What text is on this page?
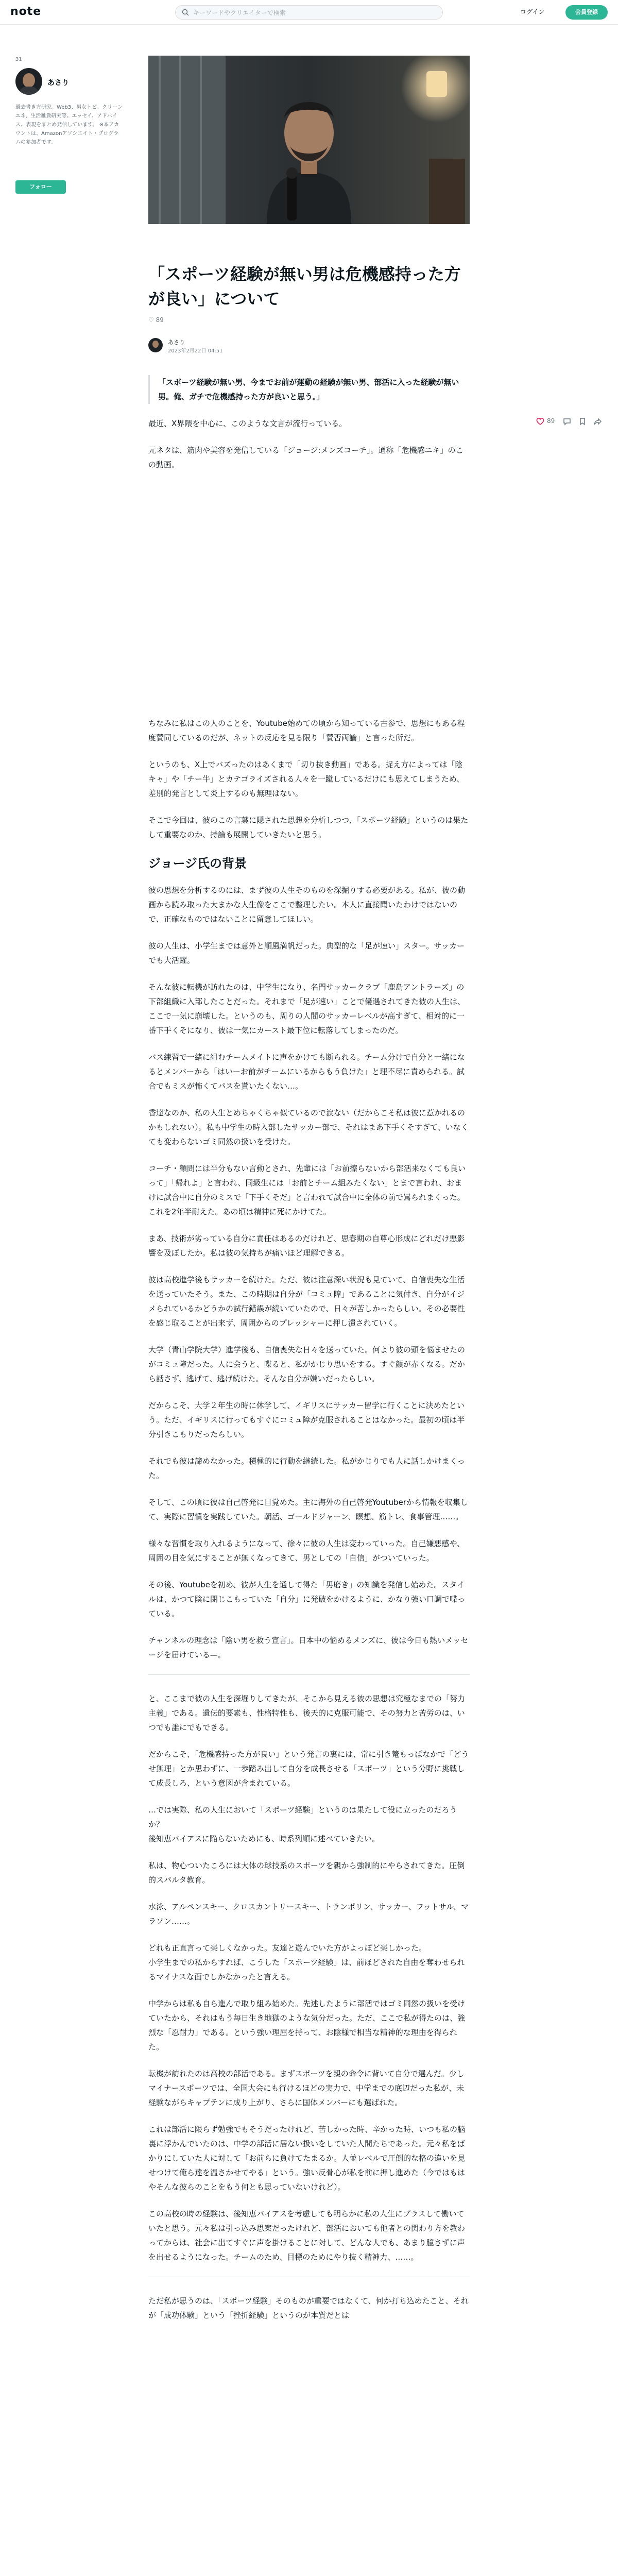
note
キーワードやクリエイターで検索	ログイン	会員登録
31
あさり
過去書き方研究。Web3、男女トピ、クリーンエネ、生活雑貨研究等。エッセイ、アドバイス、表現をまとめ発信しています。 ※本アカウントは、Amazonアソシエイト・プログラムの参加者です。
フォロー
「スポーツ経験が無い男は危機感持った方が良い」について
♡ 89
あさり
2023年2月22日 04:51

「スポーツ経験が無い男、今までお前が運動の経験が無い男、部活に入った経験が無い男。俺、ガチで危機感持った方が良いと思う。」

最近、X界隈を中心に、このような文言が流行っている。

元ネタは、筋肉や美容を発信している「ジョージ:メンズコーチ」。通称「危機感ニキ」のこの動画。

ちなみに私はこの人のことを、Youtube始めての頃から知っている古参で、思想にもある程度賛同しているのだが、ネットの反応を見る限り「賛否両論」と言った所だ。

というのも、X上でバズったのはあくまで「切り抜き動画」である。捉え方によっては「陰キャ」や「チー牛」とカテゴライズされる人々を一蹴しているだけにも思えてしまうため、差別的発言として炎上するのも無理はない。

そこで今回は、彼のこの言葉に隠された思想を分析しつつ、「スポーツ経験」というのは果たして重要なのか、持論も展開していきたいと思う。

ジョージ氏の背景

彼の思想を分析するのには、まず彼の人生そのものを深掘りする必要がある。私が、彼の動画から読み取った大まかな人生像をここで整理したい。本人に直接聞いたわけではないので、正確なものではないことに留意してほしい。

彼の人生は、小学生までは意外と順風満帆だった。典型的な「足が速い」スター。サッカーでも大活躍。

そんな彼に転機が訪れたのは、中学生になり、名門サッカークラブ「鹿島アントラーズ」の下部組織に入部したことだった。それまで「足が速い」ことで優遇されてきた彼の人生は、ここで一気に崩壊した。というのも、周りの人間のサッカーレベルが高すぎて、相対的に一番下手くそになり、彼は一気にカースト最下位に転落してしまったのだ。

バス練習で一緒に組むチームメイトに声をかけても断られる。チーム分けで自分と一緒になるとメンバーから「はいーお前がチームにいるからもう負けた」と理不尽に責められる。試合でもミスが怖くてパスを貰いたくない…。

香達なのか、私の人生とめちゃくちゃ似ているので涙ない（だからこそ私は彼に惹かれるのかもしれない）。私も中学生の時入部したサッカー部で、それはまあ下手くそすぎて、いなくても変わらないゴミ同然の扱いを受けた。

コーチ・顧問には半分もない言動とされ、先輩には「お前擦らないから部活来なくても良いって」「帰れよ」と言われ、同級生には「お前とチーム組みたくない」とまで言われ、おまけに試合中に自分のミスで「下手くそだ」と言われて試合中に全体の前で罵られまくった。これを2年半耐えた。あの頃は精神に死にかけてた。

まあ、技術が劣っている自分に責任はあるのだけれど、思春期の自尊心形成にどれだけ悪影響を及ぼしたか。私は彼の気持ちが痛いほど理解できる。

彼は高校進学後もサッカーを続けた。ただ、彼は注意深い状況も見ていて、自信喪失な生活を送っていたそう。また、この時期は自分が「コミュ障」であることに気付き、自分がイジメられているかどうかの試行錯誤が続いていたので、日々が苦しかったらしい。その必要性を感じ取ることが出来ず、周囲からのプレッシャーに押し潰されていく。

大学（青山学院大学）進学後も、自信喪失な日々を送っていた。何より彼の頭を悩ませたのがコミュ障だった。人に会うと、喋ると、私がかじり思いをする。すぐ顔が赤くなる。だから話さず、逃げて、逃げ続けた。そんな自分が嫌いだったらしい。

だからこそ、大学２年生の時に休学して、イギリスにサッカー留学に行くことに決めたという。ただ、イギリスに行ってもすぐにコミュ障が克服されることはなかった。最初の頃は半分引きこもりだったらしい。

それでも彼は諦めなかった。積極的に行動を継続した。私がかじりでも人に話しかけまくった。

そして、この頃に彼は自己啓発に目覚めた。主に海外の自己啓発Youtuberから情報を収集して、実際に習慣を実践していた。朝活、ゴールドジャーン、瞑想、筋トレ、食事管理……。

様々な習慣を取り入れるようになって、徐々に彼の人生は変わっていった。自己嫌悪感や、周囲の目を気にすることが無くなってきて、男としての「自信」がついていった。

その後、Youtubeを初め、彼が人生を通して得た「男磨き」の知識を発信し始めた。スタイルは、かつて陰に閉じこもっていた「自分」に発破をかけるように、かなり強い口調で喋っている。

チャンネルの理念は「陰い男を救う宣言」。日本中の悩めるメンズに、彼は今日も熱いメッセージを届けている—。

と、ここまで彼の人生を深堀りしてきたが、そこから見える彼の思想は究極なまでの「努力主義」である。遺伝的要素も、性格特性も、後天的に克服可能で、その努力と苦労のは、いつでも誰にでもできる。

だからこそ、「危機感持った方が良い」という発言の裏には、常に引き篭もっぱなかで「どうせ無理」とか思わずに、一歩踏み出して自分を成長させる「スポーツ」という分野に挑戦して成長しろ、という意図が含まれている。

…では実際、私の人生において「スポーツ経験」というのは果たして役に立ったのだろうか？
後知恵バイアスに陥らないためにも、時系列順に述べていきたい。

私は、物心ついたころには大体の球技系のスポーツを親から強制的にやらされてきた。圧倒的スパルタ教育。

水泳、アルペンスキー、クロスカントリースキー、トランポリン、サッカー、フットサル、マラソン……。

どれも正直言って楽しくなかった。友達と遊んでいた方がよっぽど楽しかった。
小学生までの私からすれば、こうした「スポーツ経験」は、前ほどされた自由を奪わせられるマイナスな面でしかなかったと言える。

中学からは私も自ら進んで取り組み始めた。先述したように部活ではゴミ同然の扱いを受けていたから、それはもう毎日生き地獄のような気分だった。ただ、ここで私が得たのは、強烈な「忍耐力」である。という強い理屈を持って、お陰様で相当な精神的な理由を得られた。

転機が訪れたのは高校の部活である。まずスポーツを親の命令に背いて自分で選んだ。少しマイナースポーツでは、全国大会にも行けるほどの実力で、中学までの底辺だった私が、未経験ながらキャプテンに成り上がり、さらに国体メンバーにも選ばれた。

これは部活に限らず勉強でもそうだったけれど、苦しかった時、辛かった時、いつも私の脳裏に浮かんでいたのは、中学の部活に居ない扱いをしていた人間たちであった。元々私をばかりにしていた人に対して「お前らに負けてたまるか。人並レベルで圧倒的な格の違いを見せつけて俺ら達を温さかせてやる」という。強い反骨心が私を前に押し進めた（今ではもはやそんな彼らのことをもう何とも思っていないけれど）。

この高校の時の経験は、後知恵バイアスを考慮しても明らかに私の人生にプラスして働いていたと思う。元々私は引っ込み思案だったけれど、部活においても他者との関わり方を教わってからは、社会に出てすぐに声を掛けることに対して、どんな人でも、あまり臆さずに声を出せるようになった。チームのため、目標のためにやり抜く精神力、……。

ただ私が思うのは、「スポーツ経験」そのものが重要ではなくて、何か打ち込めたこと、それが「成功体験」という「挫折経験」というのが本質だとは

89
